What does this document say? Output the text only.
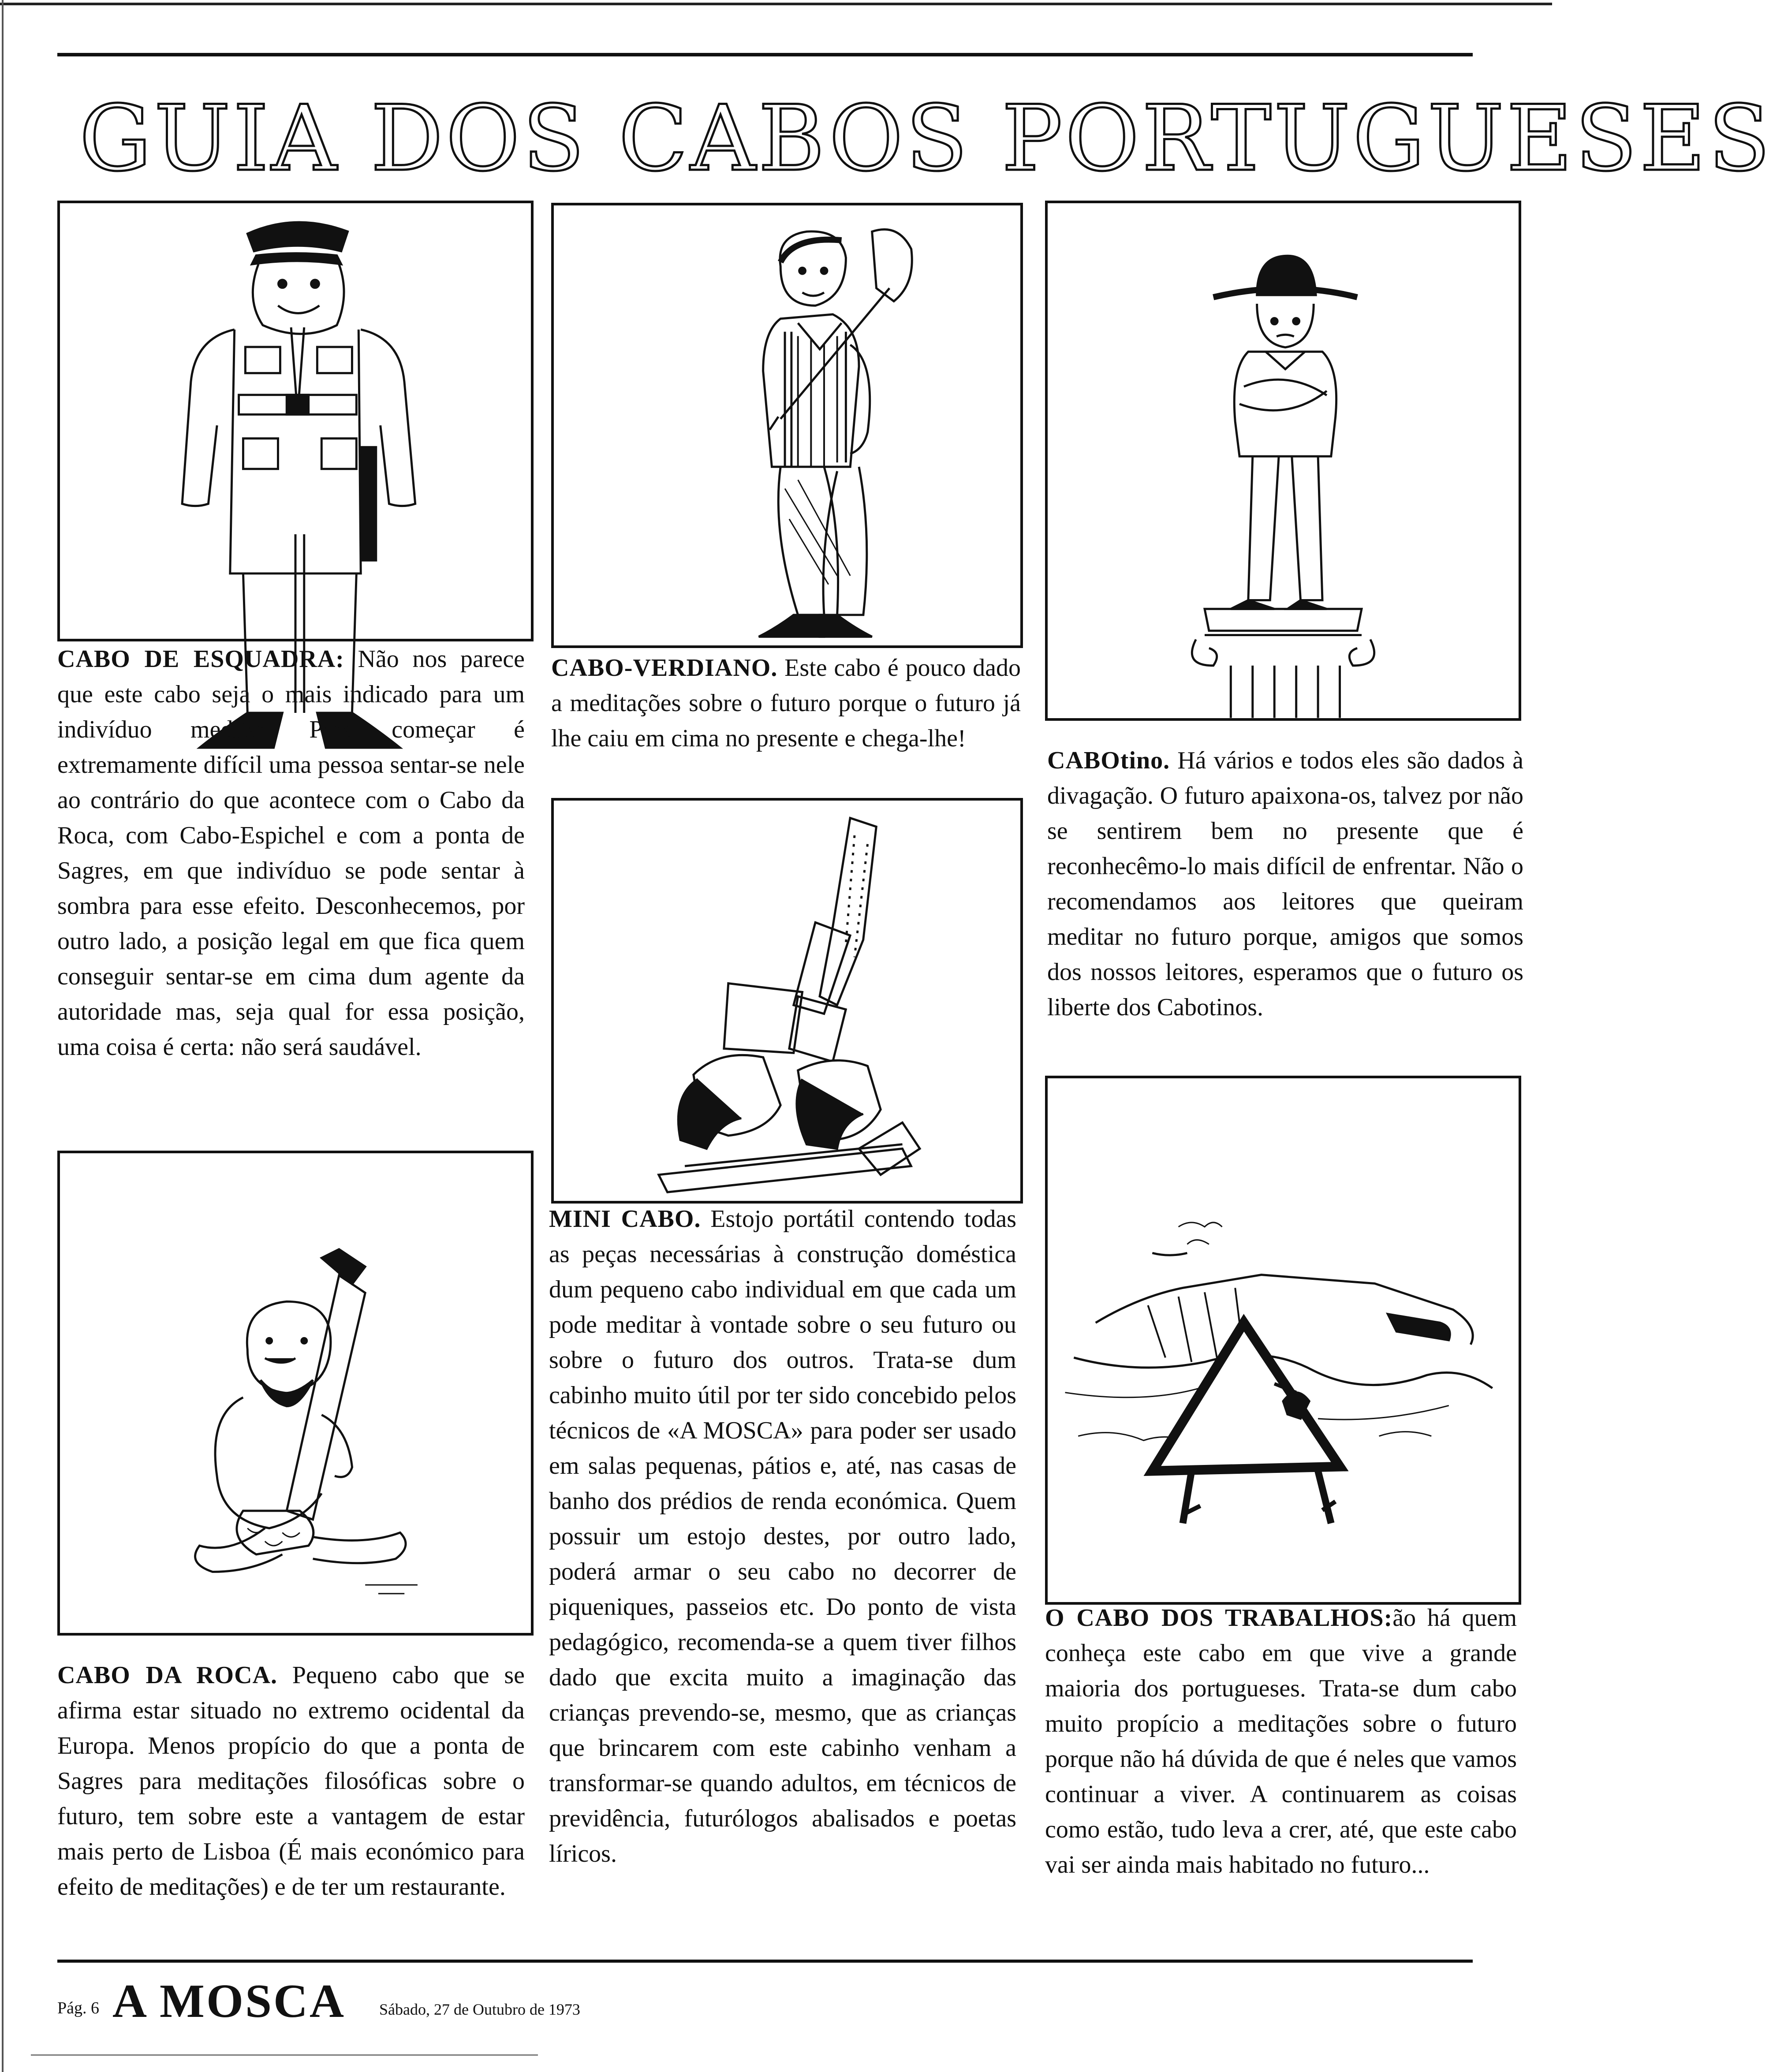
GUIA DOS CABOS PORTUGUESES
CABO DE ESQUADRA: Não nos parece que este cabo seja o mais indicado para um indivíduo meditar. Para começar é extremamente difícil uma pessoa sentar-se nele ao contrário do que acontece com o Cabo da Roca, com Cabo-Espichel e com a ponta de Sagres, em que indivíduo se pode sentar à sombra para esse efeito. Desconhecemos, por outro lado, a posição legal em que fica quem conseguir sentar-se em cima dum agente da autoridade mas, seja qual for essa posição, uma coisa é certa: não será saudável.
CABO-VERDIANO. Este cabo é pouco dado a meditações sobre o futuro porque o futuro já lhe caiu em cima no presente e chega-lhe!
CABOtino. Há vários e todos eles são dados à divagação. O futuro apaixona-os, talvez por não se sentirem bem no presente que é reconhecêmo-lo mais difícil de enfrentar. Não o recomendamos aos leitores que queiram meditar no futuro porque, amigos que somos dos nossos leitores, esperamos que o futuro os liberte dos Cabotinos.
MINI CABO. Estojo portátil contendo todas as peças necessárias à construção doméstica dum pequeno cabo individual em que cada um pode meditar à vontade sobre o seu futuro ou sobre o futuro dos outros. Trata-se dum cabinho muito útil por ter sido concebido pelos técnicos de «A MOSCA» para poder ser usado em salas pequenas, pátios e, até, nas casas de banho dos prédios de renda económica. Quem possuir um estojo destes, por outro lado, poderá armar o seu cabo no decorrer de piqueniques, passeios etc. Do ponto de vista pedagógico, recomenda-se a quem tiver filhos dado que excita muito a imaginação das crianças prevendo-se, mesmo, que as crianças que brincarem com este cabinho venham a transformar-se quando adultos, em técnicos de previdência, futurólogos abalisados e poetas líricos.
CABO DA ROCA. Pequeno cabo que se afirma estar situado no extremo ocidental da Europa. Menos propício do que a ponta de Sagres para meditações filosóficas sobre o futuro, tem sobre este a vantagem de estar mais perto de Lisboa (É mais económico para efeito de meditações) e de ter um restaurante.
O CABO DOS TRABALHOS:ão há quem conheça este cabo em que vive a grande maioria dos portugueses. Trata-se dum cabo muito propício a meditações sobre o futuro porque não há dúvida de que é neles que vamos continuar a viver. A continuarem as coisas como estão, tudo leva a crer, até, que este cabo vai ser ainda mais habitado no futuro...
Pág. 6 A MOSCA Sábado, 27 de Outubro de 1973
